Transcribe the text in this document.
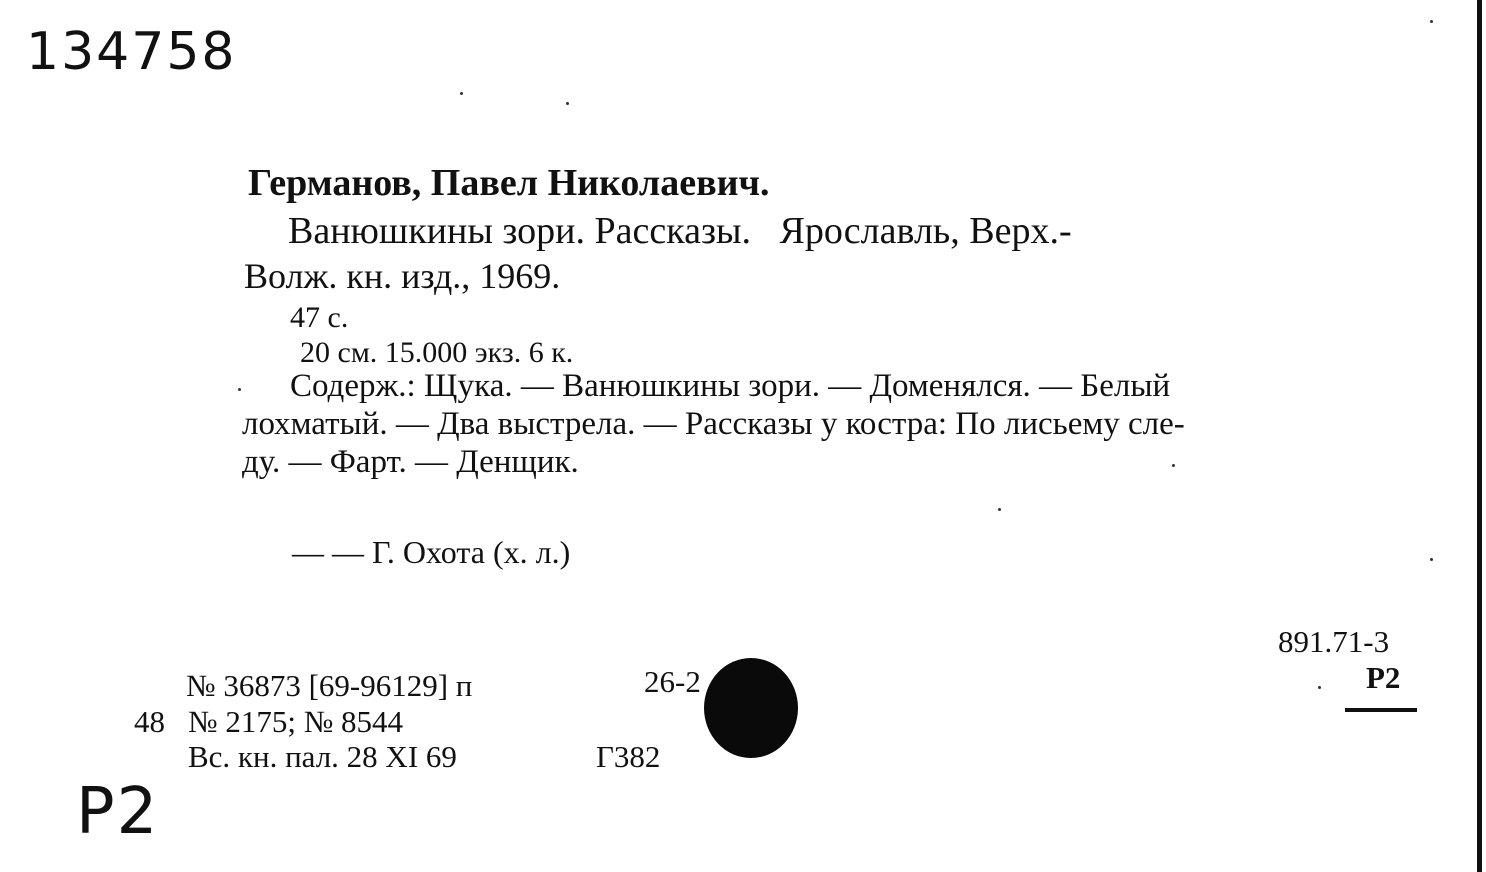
134758
Германов, Павел Николаевич.
Ванюшкины зори. Рассказы.   Ярославль, Верх.-
Волж. кн. изд., 1969.
47 с.
20 см. 15.000 экз. 6 к.
Содерж.: Щука. — Ванюшкины зори. — Доменялся. — Белый
лохматый. — Два выстрела. — Рассказы у костра: По лисьему сле-
ду. — Фарт. — Денщик.
— — Г. Охота (х. л.)
891.71-3
Р2
№ 36873 [69-96129] п	26-2
48 № 2175; № 8544
Вс. кн. пал. 28 XI 69	Г382
Р2
